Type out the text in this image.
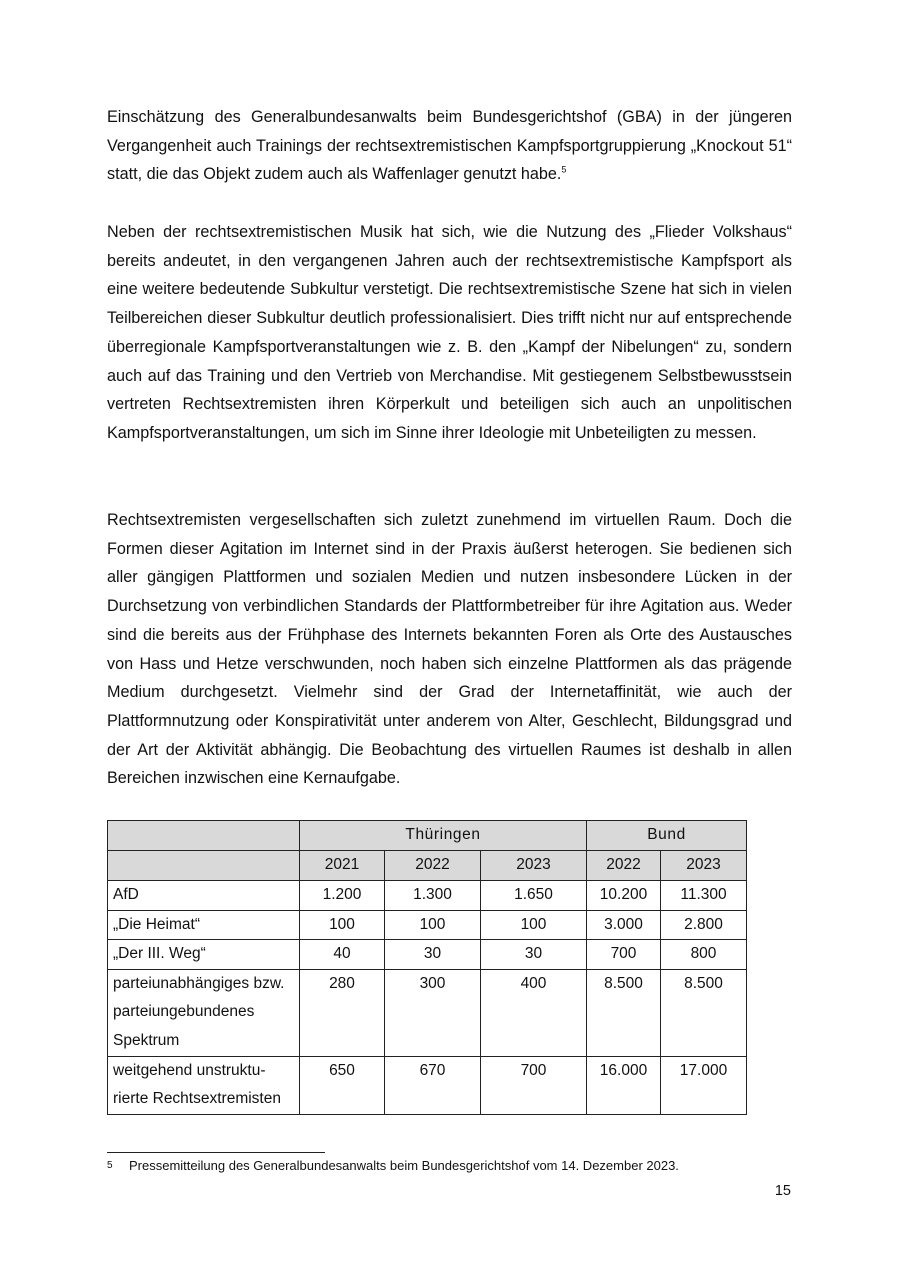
Einschätzung des Generalbundesanwalts beim Bundesgerichtshof (GBA) in der jüngeren Vergangenheit auch Trainings der rechtsextremistischen Kampfsportgruppierung „Knockout 51“ statt, die das Objekt zudem auch als Waffenlager genutzt habe.$^5$

Neben der rechtsextremistischen Musik hat sich, wie die Nutzung des „Flieder Volkshaus“ bereits andeutet, in den vergangenen Jahren auch der rechtsextremistische Kampfsport als eine weitere bedeutende Subkultur verstetigt. Die rechtsextremistische Szene hat sich in vielen Teilbereichen dieser Subkultur deutlich professionalisiert. Dies trifft nicht nur auf entsprechende überregionale Kampfsportveranstaltungen wie z. B. den „Kampf der Nibelungen“ zu, sondern auch auf das Training und den Vertrieb von Merchandise. Mit gestiegenem Selbstbewusstsein vertreten Rechtsextremisten ihren Körperkult und beteiligen sich auch an unpolitischen Kampfsportveranstaltungen, um sich im Sinne ihrer Ideologie mit Unbeteiligten zu messen.

Rechtsextremisten vergesellschaften sich zuletzt zunehmend im virtuellen Raum. Doch die Formen dieser Agitation im Internet sind in der Praxis äußerst heterogen. Sie bedienen sich aller gängigen Plattformen und sozialen Medien und nutzen insbesondere Lücken in der Durchsetzung von verbindlichen Standards der Plattformbetreiber für ihre Agitation aus. Weder sind die bereits aus der Frühphase des Internets bekannten Foren als Orte des Austausches von Hass und Hetze verschwunden, noch haben sich einzelne Plattformen als das prägende Medium durchgesetzt. Vielmehr sind der Grad der Internetaffinität, wie auch der Plattformnutzung oder Konspirativität unter anderem von Alter, Geschlecht, Bildungsgrad und der Art der Aktivität abhängig. Die Beobachtung des virtuellen Raumes ist deshalb in allen Bereichen inzwischen eine Kernaufgabe.

	Thüringen			Bund	
	2021	2022	2023	2022	2023
AfD	1.200	1.300	1.650	10.200	11.300
„Die Heimat“	100	100	100	3.000	2.800
„Der III. Weg“	40	30	30	700	800
parteiunabhängiges bzw. parteiungebundenes Spektrum	280	300	400	8.500	8.500
weitgehend unstrukturierte Rechtsextremisten	650	670	700	16.000	17.000
5 Pressemitteilung des Generalbundesanwalts beim Bundesgerichtshof vom 14. Dezember 2023.
15
